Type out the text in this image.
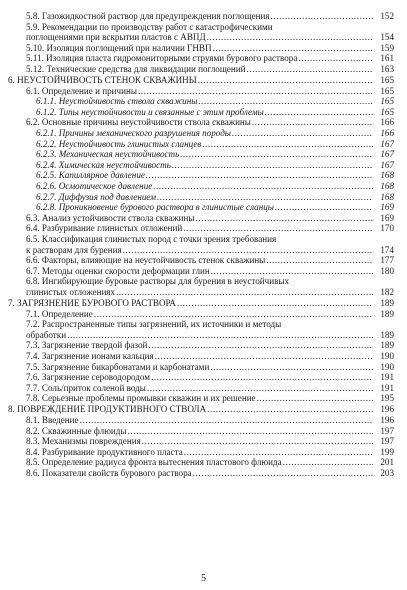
5.8. Газожидкостной раствор для предупреждения поглощения .....	152
5.9. Рекомендации по производству работ с катастрофическими
поглощениями при вскрытии пластов с АВПД .....	154
5.10. Изоляция поглощений при наличии ГНВП .....	159
5.11. Изоляция пласта гидромониторными струями бурового раствора .....	161
5.12. Технические средства для ликвидации поглощений .....	163
6. НЕУСТОЙЧИВОСТЬ СТЕНОК СКВАЖИНЫ .....	165
6.1. Определение и причины .....	165
6.1.1. Неустойчивость ствола скважины .....	165
6.1.2. Типы неустойчивости и связанные с этим проблемы .....	165
6.2. Основные причины неустойчивости ствола скважины .....	166
6.2.1. Причины механического разрушения породы .....	166
6.2.2. Неустойчивость глинистых сланцев .....	167
6.2.3. Механическая неустойчивость .....	167
6.2.4. Химическая неустойчивость .....	167
6.2.5. Капиллярное давление .....	168
6.2.6. Осмотическое давление .....	168
6.2.7. Диффузия под давлением .....	168
6.2.8. Проникновение бурового раствора в глинистые сланцы .....	169
6.3. Анализ устойчивости ствола скважины .....	169
6.4. Разбуривание глинистых отложений .....	170
6.5. Классификация глинистых пород с точки зрения требования
к растворам для бурения .....	174
6.6. Факторы, влияющие на неустойчивость стенок скважины .....	177
6.7. Методы оценки скорости деформации глин .....	180
6.8. Ингибирующие буровые растворы для бурения в неустойчивых
глинистых отложениях .....	182
7. ЗАГРЯЗНЕНИЕ БУРОВОГО РАСТВОРА .....	189
7.1. Определение .....	189
7.2. Распространенные типы загрязнений, их источники и методы
обработки .....	189
7.3. Загрязнение твердой фазой .....	189
7.4. Загрязнение ионами кальция .....	190
7.5. Загрязнение бикарбонатами и карбонатами .....	190
7.6. Загрязнение сероводородом .....	191
7.7. Соль/приток соленой воды .....	191
7.8. Серьезные проблемы промывки скважин и их решение .....	195
8. ПОВРЕЖДЕНИЕ ПРОДУКТИВНОГО СТВОЛА .....	196
8.1. Введение .....	196
8.2. Скважинные флюиды .....	197
8.3. Механизмы повреждения .....	197
8.4. Разбуривание продуктивного пласта .....	199
8.5. Определение радиуса фронта вытеснения пластового флюида .....	201
8.6. Показатели свойств бурового раствора .....	203
5
